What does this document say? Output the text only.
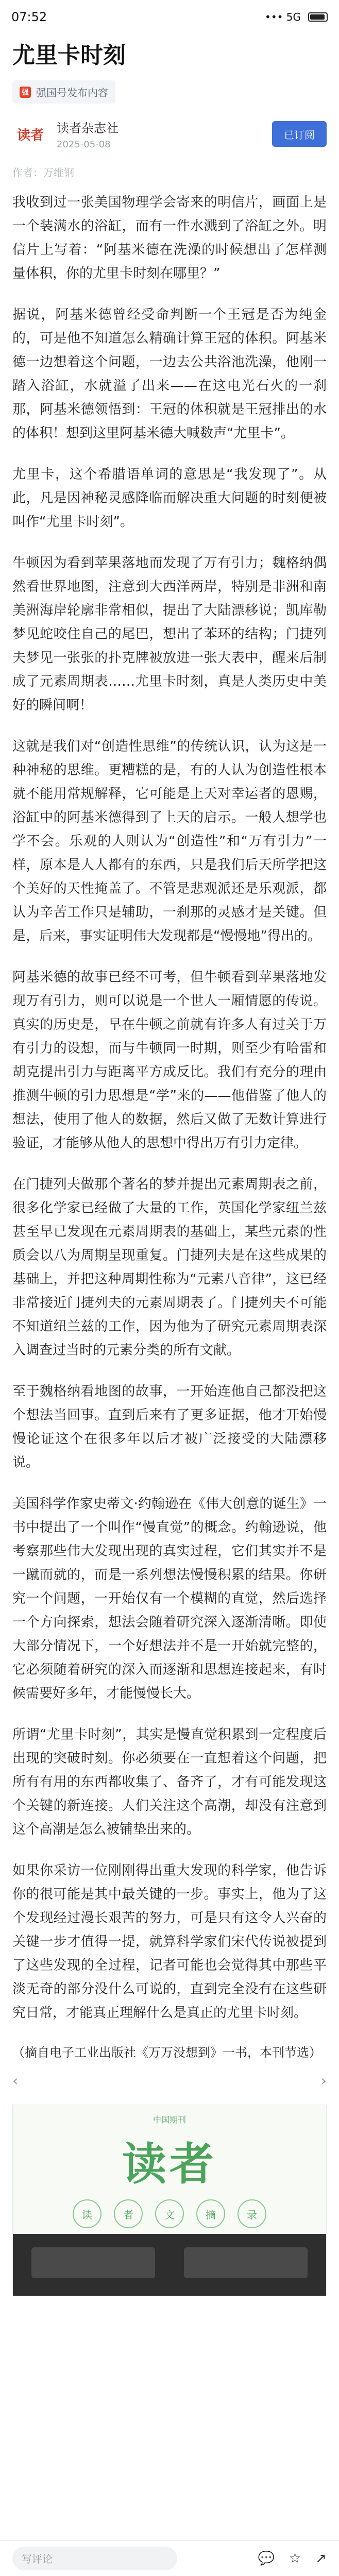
07:52	••• 5G
尤里卡时刻
强 强国号发布内容
读者	读者杂志社
2025-05-08
已订阅
作者：万维钢

我收到过一张美国物理学会寄来的明信片，画面上是一个装满水的浴缸，而有一件水溅到了浴缸之外。明信片上写着：“阿基米德在洗澡的时候想出了怎样测量体积，你的尤里卡时刻在哪里？”

据说，阿基米德曾经受命判断一个王冠是否为纯金的，可是他不知道怎么精确计算王冠的体积。阿基米德一边想着这个问题，一边去公共浴池洗澡，他刚一踏入浴缸，水就溢了出来——在这电光石火的一刹那，阿基米德领悟到：王冠的体积就是王冠排出的水的体积！想到这里阿基米德大喊数声“尤里卡”。

尤里卡，这个希腊语单词的意思是“我发现了”。从此，凡是因神秘灵感降临而解决重大问题的时刻便被叫作“尤里卡时刻”。

牛顿因为看到苹果落地而发现了万有引力；魏格纳偶然看世界地图，注意到大西洋两岸，特别是非洲和南美洲海岸轮廓非常相似，提出了大陆漂移说；凯库勒梦见蛇咬住自己的尾巴，想出了苯环的结构；门捷列夫梦见一张张的扑克牌被放进一张大表中，醒来后制成了元素周期表……尤里卡时刻，真是人类历史中美好的瞬间啊！

这就是我们对“创造性思维”的传统认识，认为这是一种神秘的思维。更糟糕的是，有的人认为创造性根本就不能用常规解释，它可能是上天对幸运者的恩赐，浴缸中的阿基米德得到了上天的启示。一般人想学也学不会。乐观的人则认为“创造性”和“万有引力”一样，原本是人人都有的东西，只是我们后天所学把这个美好的天性掩盖了。不管是悲观派还是乐观派，都认为辛苦工作只是辅助，一刹那的灵感才是关键。但是，后来，事实证明伟大发现都是“慢慢地”得出的。

阿基米德的故事已经不可考，但牛顿看到苹果落地发现万有引力，则可以说是一个世人一厢情愿的传说。真实的历史是，早在牛顿之前就有许多人有过关于万有引力的设想，而与牛顿同一时期，则至少有哈雷和胡克提出引力与距离平方成反比。我们有充分的理由推测牛顿的引力思想是“学”来的——他借鉴了他人的想法，使用了他人的数据，然后又做了无数计算进行验证，才能够从他人的思想中得出万有引力定律。

在门捷列夫做那个著名的梦并提出元素周期表之前，很多化学家已经做了大量的工作，英国化学家纽兰兹甚至早已发现在元素周期表的基础上，某些元素的性质会以八为周期呈现重复。门捷列夫是在这些成果的基础上，并把这种周期性称为“元素八音律”，这已经非常接近门捷列夫的元素周期表了。门捷列夫不可能不知道纽兰兹的工作，因为他为了研究元素周期表深入调查过当时的元素分类的所有文献。

至于魏格纳看地图的故事，一开始连他自己都没把这个想法当回事。直到后来有了更多证据，他才开始慢慢论证这个在很多年以后才被广泛接受的大陆漂移说。

美国科学作家史蒂文·约翰逊在《伟大创意的诞生》一书中提出了一个叫作“慢直觉”的概念。约翰逊说，他考察那些伟大发现出现的真实过程，它们其实并不是一蹴而就的，而是一系列想法慢慢积累的结果。你研究一个问题，一开始仅有一个模糊的直觉，然后选择一个方向探索，想法会随着研究深入逐渐清晰。即使大部分情况下，一个好想法并不是一开始就完整的，它必须随着研究的深入而逐渐和思想连接起来，有时候需要好多年，才能慢慢长大。

所谓“尤里卡时刻”，其实是慢直觉积累到一定程度后出现的突破时刻。你必须要在一直想着这个问题，把所有有用的东西都收集了、备齐了，才有可能发现这个关键的新连接。人们关注这个高潮，却没有注意到这个高潮是怎么被铺垫出来的。

如果你采访一位刚刚得出重大发现的科学家，他告诉你的很可能是其中最关键的一步。事实上，他为了这个发现经过漫长艰苦的努力，可是只有这令人兴奋的关键一步才值得一提，就算科学家们宋代传说被提到了这些发现的全过程，记者可能也会觉得其中那些平淡无奇的部分没什么可说的，直到完全没有在这些研究日常，才能真正理解什么是真正的尤里卡时刻。

（摘自电子工业出版社《万万没想到》一书，本刊节选）
‹	›
中国期刊
读者
读	者	文	摘	录
写评论	💬 ☆ ↗
